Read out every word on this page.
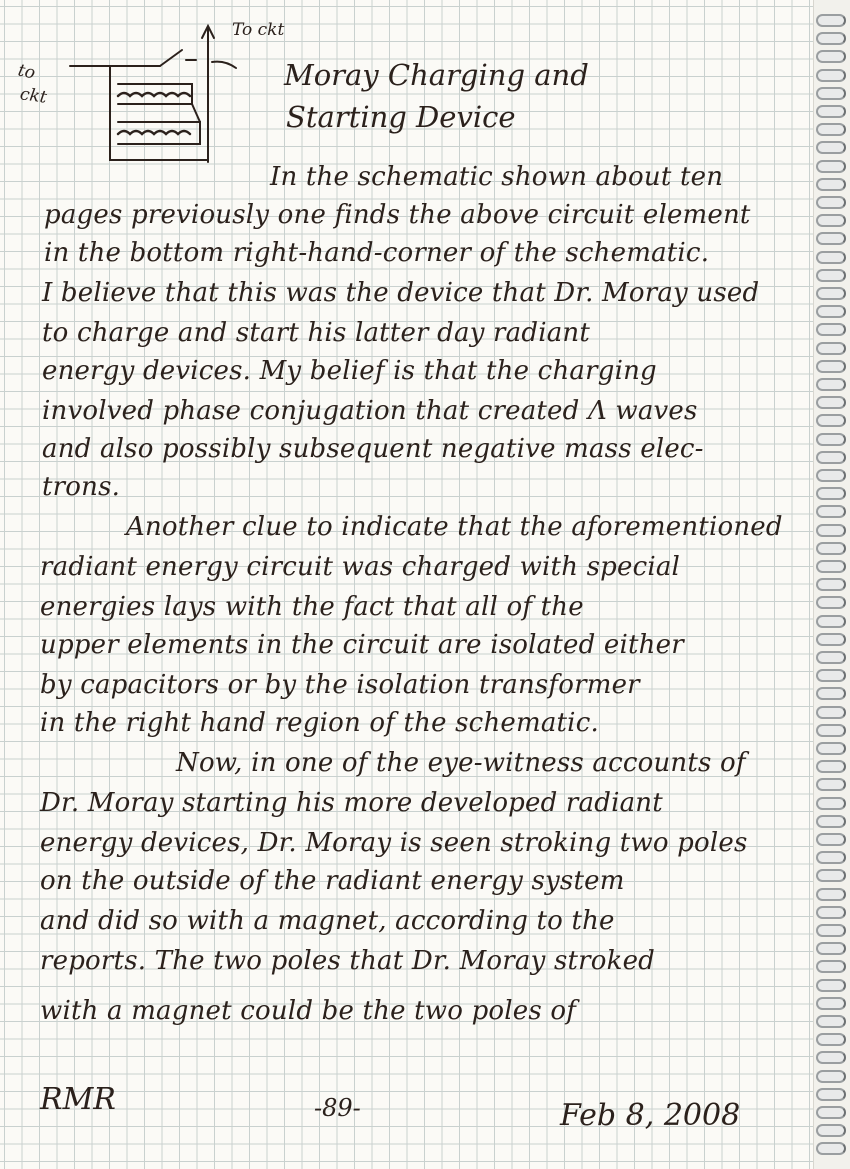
To ckt

to

ckt

Moray Charging and

Starting Device

In the schematic shown about ten

pages previously one finds the above circuit element

in the bottom right-hand-corner of the schematic.

I believe that this was the device that Dr. Moray used

to charge and start his latter day radiant

energy devices. My belief is that the charging

involved phase conjugation that created Λ waves

and also possibly subsequent negative mass elec-

trons.

Another clue to indicate that the aforementioned

radiant energy circuit was charged with special

energies lays with the fact that all of the

upper elements in the circuit are isolated either

by capacitors or by the isolation transformer

in the right hand region of the schematic.

Now, in one of the eye-witness accounts of

Dr. Moray starting his more developed radiant

energy devices, Dr. Moray is seen stroking two poles

on the outside of the radiant energy system

and did so with a magnet, according to the

reports. The two poles that Dr. Moray stroked

with a magnet could be the two poles of

RMR	-89-	Feb 8, 2008
